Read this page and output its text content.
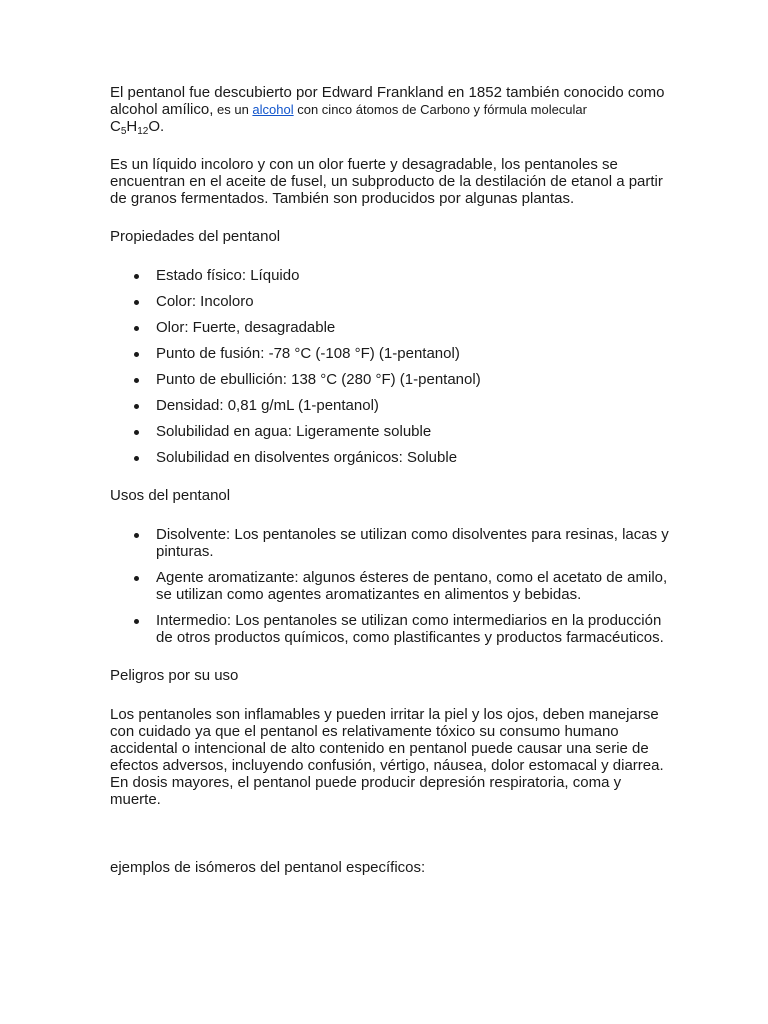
El pentanol fue descubierto por Edward Frankland en 1852 también conocido como alcohol amílico, es un alcohol con cinco átomos de Carbono y fórmula molecular
$C_5H_{12}O$.

Es un líquido incoloro y con un olor fuerte y desagradable, los pentanoles se encuentran en el aceite de fusel, un subproducto de la destilación de etanol a partir de granos fermentados. También son producidos por algunas plantas.

Propiedades del pentanol

Estado físico: Líquido
Color: Incoloro
Olor: Fuerte, desagradable
Punto de fusión: -78 °C (-108 °F) (1-pentanol)
Punto de ebullición: 138 °C (280 °F) (1-pentanol)
Densidad: 0,81 g/mL (1-pentanol)
Solubilidad en agua: Ligeramente soluble
Solubilidad en disolventes orgánicos: Soluble

Usos del pentanol

Disolvente: Los pentanoles se utilizan como disolventes para resinas, lacas y pinturas.
Agente aromatizante: algunos ésteres de pentano, como el acetato de amilo, se utilizan como agentes aromatizantes en alimentos y bebidas.
Intermedio: Los pentanoles se utilizan como intermediarios en la producción de otros productos químicos, como plastificantes y productos farmacéuticos.

Peligros por su uso

Los pentanoles son inflamables y pueden irritar la piel y los ojos, deben manejarse con cuidado ya que el pentanol es relativamente tóxico su consumo humano accidental o intencional de alto contenido en pentanol puede causar una serie de efectos adversos, incluyendo confusión, vértigo, náusea, dolor estomacal y diarrea. En dosis mayores, el pentanol puede producir depresión respiratoria, coma y muerte.

ejemplos de isómeros del pentanol específicos:
